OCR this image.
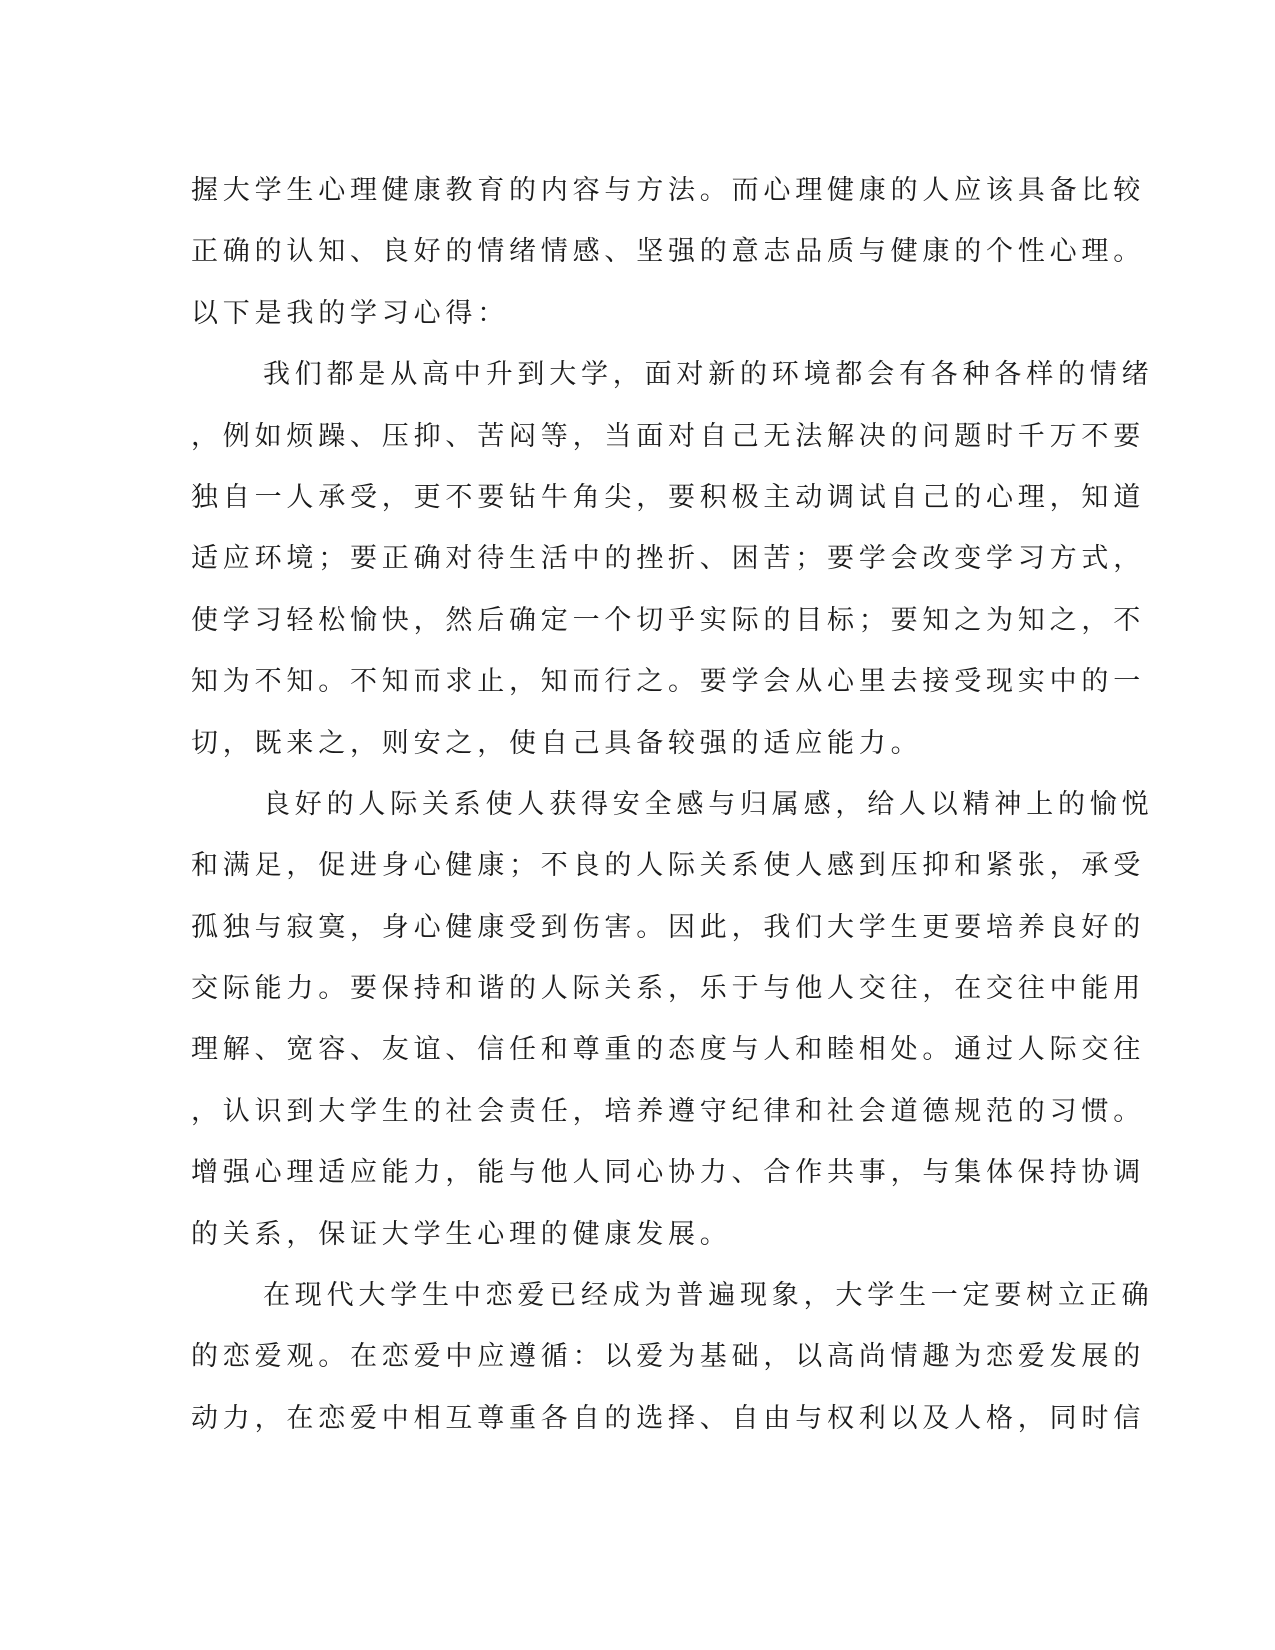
握大学生心理健康教育的内容与方法。而心理健康的人应该具备比较
正确的认知、良好的情绪情感、坚强的意志品质与健康的个性心理。
以下是我的学习心得：
我们都是从高中升到大学，面对新的环境都会有各种各样的情绪
，例如烦躁、压抑、苦闷等，当面对自己无法解决的问题时千万不要
独自一人承受，更不要钻牛角尖，要积极主动调试自己的心理，知道
适应环境；要正确对待生活中的挫折、困苦；要学会改变学习方式，
使学习轻松愉快，然后确定一个切乎实际的目标；要知之为知之，不
知为不知。不知而求止，知而行之。要学会从心里去接受现实中的一
切，既来之，则安之，使自己具备较强的适应能力。
良好的人际关系使人获得安全感与归属感，给人以精神上的愉悦
和满足，促进身心健康；不良的人际关系使人感到压抑和紧张，承受
孤独与寂寞，身心健康受到伤害。因此，我们大学生更要培养良好的
交际能力。要保持和谐的人际关系，乐于与他人交往，在交往中能用
理解、宽容、友谊、信任和尊重的态度与人和睦相处。通过人际交往
，认识到大学生的社会责任，培养遵守纪律和社会道德规范的习惯。
增强心理适应能力，能与他人同心协力、合作共事，与集体保持协调
的关系，保证大学生心理的健康发展。
在现代大学生中恋爱已经成为普遍现象，大学生一定要树立正确
的恋爱观。在恋爱中应遵循：以爱为基础，以高尚情趣为恋爱发展的
动力，在恋爱中相互尊重各自的选择、自由与权利以及人格，同时信
